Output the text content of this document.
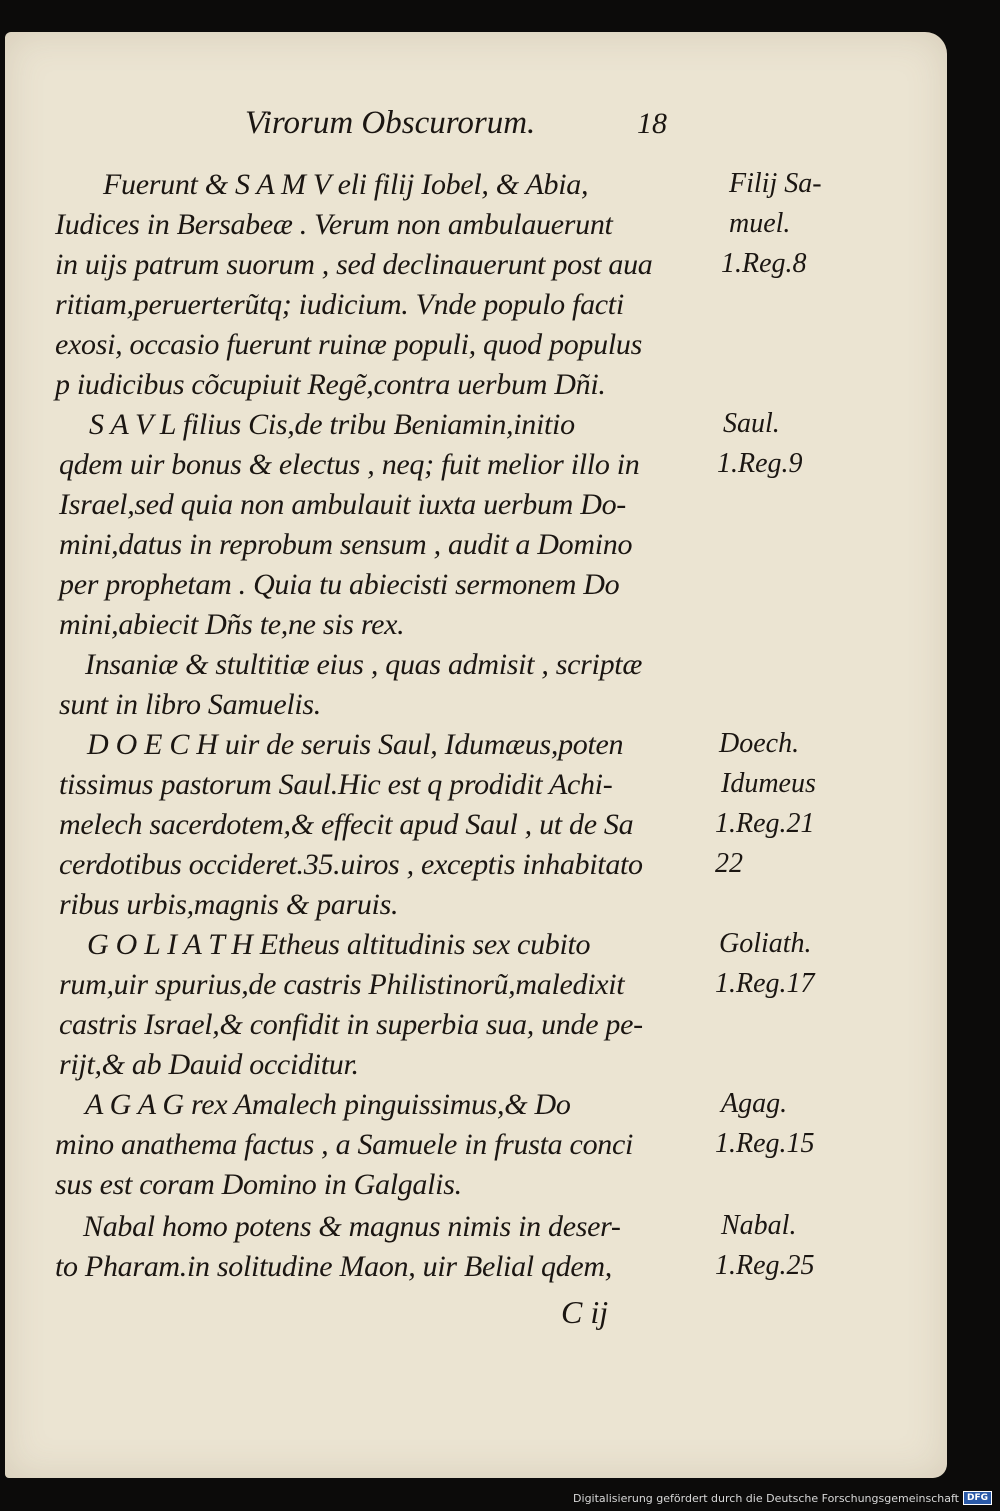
Virorum Obscurorum.	18
Fuerunt & S A M V eli filij Iobel, & Abia,
Iudices in Bersabeæ . Verum non ambulauerunt
in uijs patrum suorum , sed declinauerunt post aua
ritiam,peruerterũtq; iudicium. Vnde populo facti
exosi, occasio fuerunt ruinæ populi, quod populus
p iudicibus cõcupiuit Regẽ,contra uerbum Dñi.
S A V L filius Cis,de tribu Beniamin,initio
qdem uir bonus & electus , neq; fuit melior illo in
Israel,sed quia non ambulauit iuxta uerbum Do-
mini,datus in reprobum sensum , audit a Domino
per prophetam . Quia tu abiecisti sermonem Do
mini,abiecit Dñs te,ne sis rex.
Insaniæ & stultitiæ eius , quas admisit , scriptæ
sunt in libro Samuelis.
D O E C H uir de seruis Saul, Idumæus,poten
tissimus pastorum Saul.Hic est q prodidit Achi-
melech sacerdotem,& effecit apud Saul , ut de Sa
cerdotibus occideret.35.uiros , exceptis inhabitato
ribus urbis,magnis & paruis.
G O L I A T H Etheus altitudinis sex cubito
rum,uir spurius,de castris Philistinorũ,maledixit
castris Israel,& confidit in superbia sua, unde pe-
rijt,& ab Dauid occiditur.
A G A G rex Amalech pinguissimus,& Do
mino anathema factus , a Samuele in frusta conci
sus est coram Domino in Galgalis.
Nabal homo potens & magnus nimis in deser-
to Pharam.in solitudine Maon, uir Belial qdem,
Filij Sa-
muel.
1.Reg.8
Saul.
1.Reg.9
Doech.
Idumeus
1.Reg.21
22
Goliath.
1.Reg.17
Agag.
1.Reg.15
Nabal.
1.Reg.25
C ij
Digitalisierung gefördert durch die Deutsche Forschungsgemeinschaft DFG
